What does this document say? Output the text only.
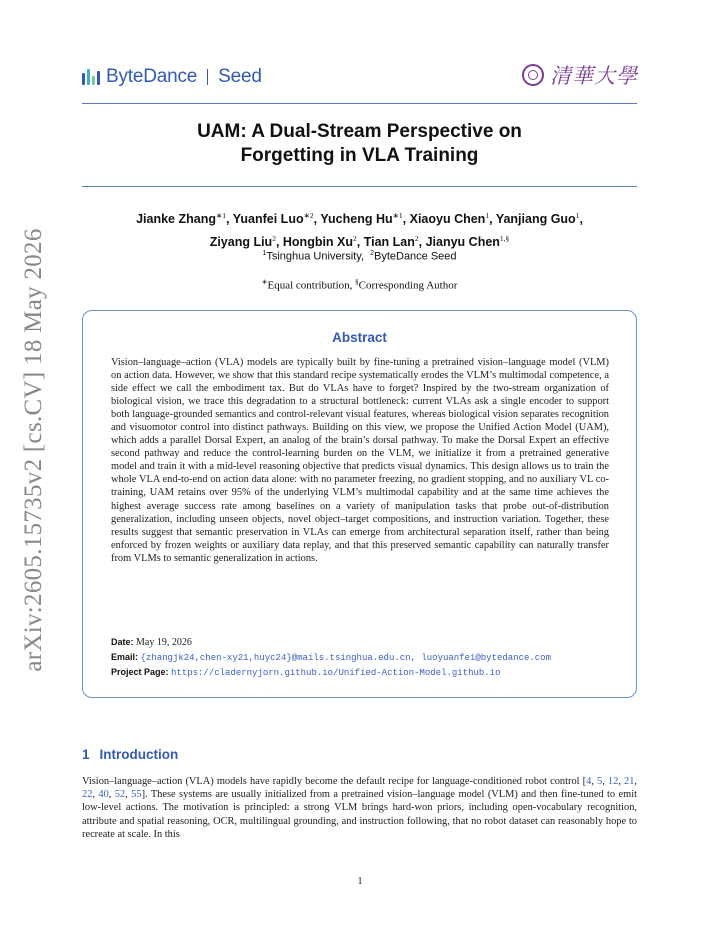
ByteDance Seed	清華大學
arXiv:2605.15735v2 [cs.CV] 18 May 2026
UAM: A Dual-Stream Perspective on
Forgetting in VLA Training
Jianke Zhang$^{∗1}$, Yuanfei Luo$^{∗2}$, Yucheng $Hu^{∗1}$, Xiaoyu Chen$^1$, Yanjiang Guo$^1$,
Ziyang Liu$^2$, Hongbin Xu$^2$, Tian Lan$^2$, Jianyu Chen$^{1,\S}$
$^1$Tsinghua University,  $^2$ByteDance Seed
∗Equal contribution, §Corresponding Author
Abstract
Vision–language–action (VLA) models are typically built by fine-tuning a pretrained vision–language model (VLM) on action data. However, we show that this standard recipe systematically erodes the VLM’s multimodal competence, a side effect we call the embodiment tax. But do VLAs have to forget? Inspired by the two-stream organization of biological vision, we trace this degradation to a structural bottleneck: current VLAs ask a single encoder to support both language-grounded semantics and control-relevant visual features, whereas biological vision separates recognition and visuomotor control into distinct pathways. Building on this view, we propose the Unified Action Model (UAM), which adds a parallel Dorsal Expert, an analog of the brain’s dorsal pathway. To make the Dorsal Expert an effective second pathway and reduce the control-learning burden on the VLM, we initialize it from a pretrained generative model and train it with a mid-level reasoning objective that predicts visual dynamics. This design allows us to train the whole VLA end-to-end on action data alone: with no parameter freezing, no gradient stopping, and no auxiliary VL co-training, UAM retains over 95% of the underlying VLM’s multimodal capability and at the same time achieves the highest average success rate among baselines on a variety of manipulation tasks that probe out-of-distribution generalization, including unseen objects, novel object–target compositions, and instruction variation. Together, these results suggest that semantic preservation in VLAs can emerge from architectural separation itself, rather than being enforced by frozen weights or auxiliary data replay, and that this preserved semantic capability can naturally transfer from VLMs to semantic generalization in actions.
Date: May 19, 2026
Email: {zhangjk24,chen-xy21,huyc24}@mails.tsinghua.edu.cn, luoyuanfei@bytedance.com
Project Page: https://cladernyjorn.github.io/Unified-Action-Model.github.io
1 Introduction
Vision–language–action (VLA) models have rapidly become the default recipe for language-conditioned robot control [4, 5, 12, 21, 22, 40, 52, 55]. These systems are usually initialized from a pretrained vision–language model (VLM) and then fine-tuned to emit low-level actions. The motivation is principled: a strong VLM brings hard-won priors, including open-vocabulary recognition, attribute and spatial reasoning, OCR, multilingual grounding, and instruction following, that no robot dataset can reasonably hope to recreate at scale. In this
1
